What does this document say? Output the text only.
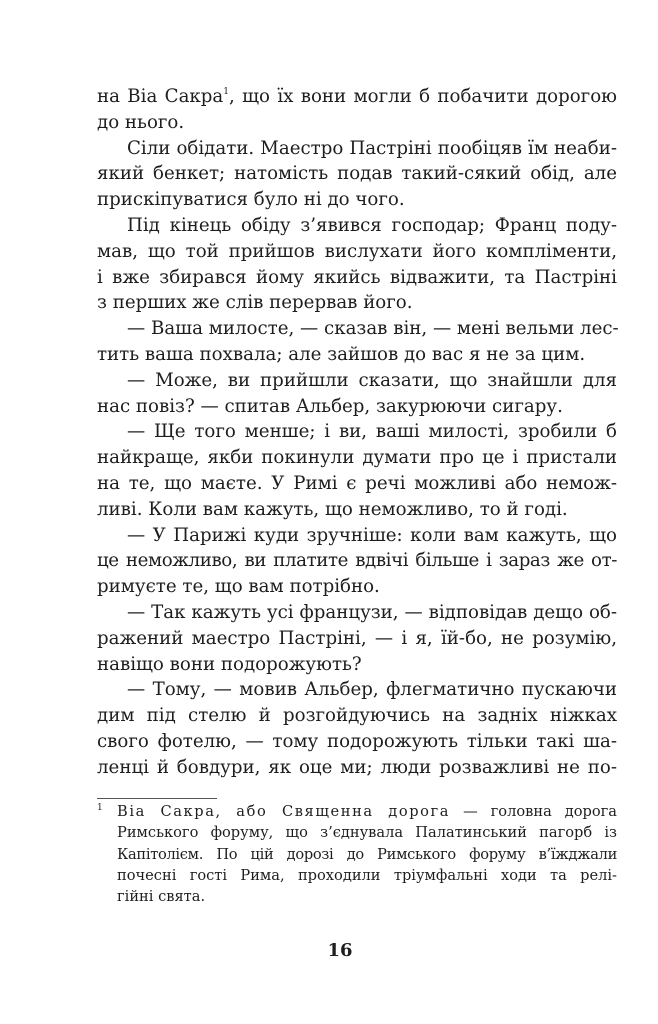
на Віа Сакра$^1$, що їх вони могли б побачити дорогою
до нього.
Сіли обідати. Маестро Пастріні пообіцяв їм неаби-
який бенкет; натомість подав такий-сякий обід, але
прискіпуватися було ні до чого.
Під кінець обіду з’явився господар; Франц поду-
мав, що той прийшов вислухати його компліменти,
і вже збирався йому якийсь відважити, та Пастріні
з перших же слів перервав його.
— Ваша милосте, — сказав він, — мені вельми лес-
тить ваша похвала; але зайшов до вас я не за цим.
— Може, ви прийшли сказати, що знайшли для
нас повіз? — спитав Альбер, закурюючи сигару.
— Ще того менше; і ви, ваші милості, зробили б
найкраще, якби покинули думати про це і пристали
на те, що маєте. У Римі є речі можливі або немож-
ливі. Коли вам кажуть, що неможливо, то й годі.
— У Парижі куди зручніше: коли вам кажуть, що
це неможливо, ви платите вдвічі більше і зараз же от-
римуєте те, що вам потрібно.
— Так кажуть усі французи, — відповідав дещо об-
ражений маестро Пастріні, — і я, їй-бо, не розумію,
навіщо вони подорожують?
— Тому, — мовив Альбер, флегматично пускаючи
дим під стелю й розгойдуючись на задніх ніжках
свого фотелю, — тому подорожують тільки такі ша-
ленці й бовдури, як оце ми; люди розважливі не по-
1 Віа Сакра, або Священна дорога — головна дорога
Римського форуму, що з’єднувала Палатинський пагорб із
Капітолієм. По цій дорозі до Римського форуму в’їжджали
почесні гості Рима, проходили тріумфальні ходи та релі-
гійні свята.
16
